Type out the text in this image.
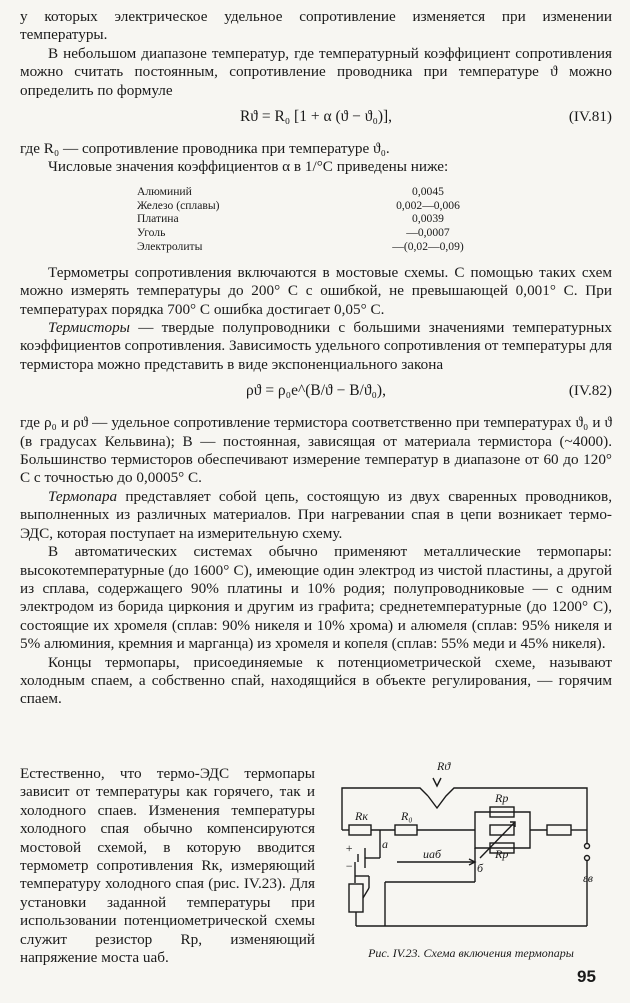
у которых электрическое удельное сопротивление изменяется при изменении температуры.

В небольшом диапазоне температур, где температурный коэффициент сопротивления можно считать постоянным, сопротивление проводника при температуре ϑ можно определить по формуле

Rϑ = R₀ [1 + α (ϑ − ϑ₀)],	(IV.81)

где R₀ — сопротивление проводника при температуре ϑ₀.

Числовые значения коэффициентов α в 1/°С приведены ниже:

Алюминий	0,0045
Железо (сплавы)	0,002—0,006
Платина	0,0039
Уголь	—0,0007
Электролиты	—(0,02—0,09)

Термометры сопротивления включаются в мостовые схемы. С помощью таких схем можно измерять температуры до 200° С с ошибкой, не превышающей 0,001° С. При температурах порядка 700° С ошибка достигает 0,05° С.

Термисторы — твердые полупроводники с большими значениями температурных коэффициентов сопротивления. Зависимость удельного сопротивления от температуры для термистора можно представить в виде экспоненциального закона

ρϑ = ρ₀e^(B/ϑ − B/ϑ₀),	(IV.82)

где ρ₀ и ρϑ — удельное сопротивление термистора соответственно при температурах ϑ₀ и ϑ (в градусах Кельвина); B — постоянная, зависящая от материала термистора (~4000). Большинство термисторов обеспечивают измерение температур в диапазоне от 60 до 120° С с точностью до 0,0005° С.

Термопара представляет собой цепь, состоящую из двух сваренных проводников, выполненных из различных материалов. При нагревании спая в цепи возникает термо-ЭДС, которая поступает на измерительную схему.

В автоматических системах обычно применяют металлические термопары: высокотемпературные (до 1600° С), имеющие один электрод из чистой пластины, а другой из сплава, содержащего 90% платины и 10% родия; полупроводниковые — с одним электродом из борида циркония и другим из графита; среднетемпературные (до 1200° С), состоящие их хромеля (сплав: 90% никеля и 10% хрома) и алюмеля (сплав: 95% никеля и 5% алюминия, кремния и марганца) из хромеля и копеля (сплав: 55% меди и 45% никеля).

Концы термопары, присоединяемые к потенциометрической схеме, называют холодным спаем, а собственно спай, находящийся в объекте регулирования, — горячим спаем.

Естественно, что термо-ЭДС термопары зависит от температуры как горячего, так и холодного спаев. Изменения температуры холодного спая обычно компенсируются мостовой схемой, в которую вводится термометр сопротивления Rк, измеряющий температуру холодного спая (рис. IV.23). Для установки заданной температуры при использовании потенциометрической схемы служит резистор Rр, изменяющий напряжение моста uаб.

Rϑ
Rр
Rк	R₀
Rр
а
б
uаб
εв
+
−
Рис. IV.23. Схема включения термопары
95
